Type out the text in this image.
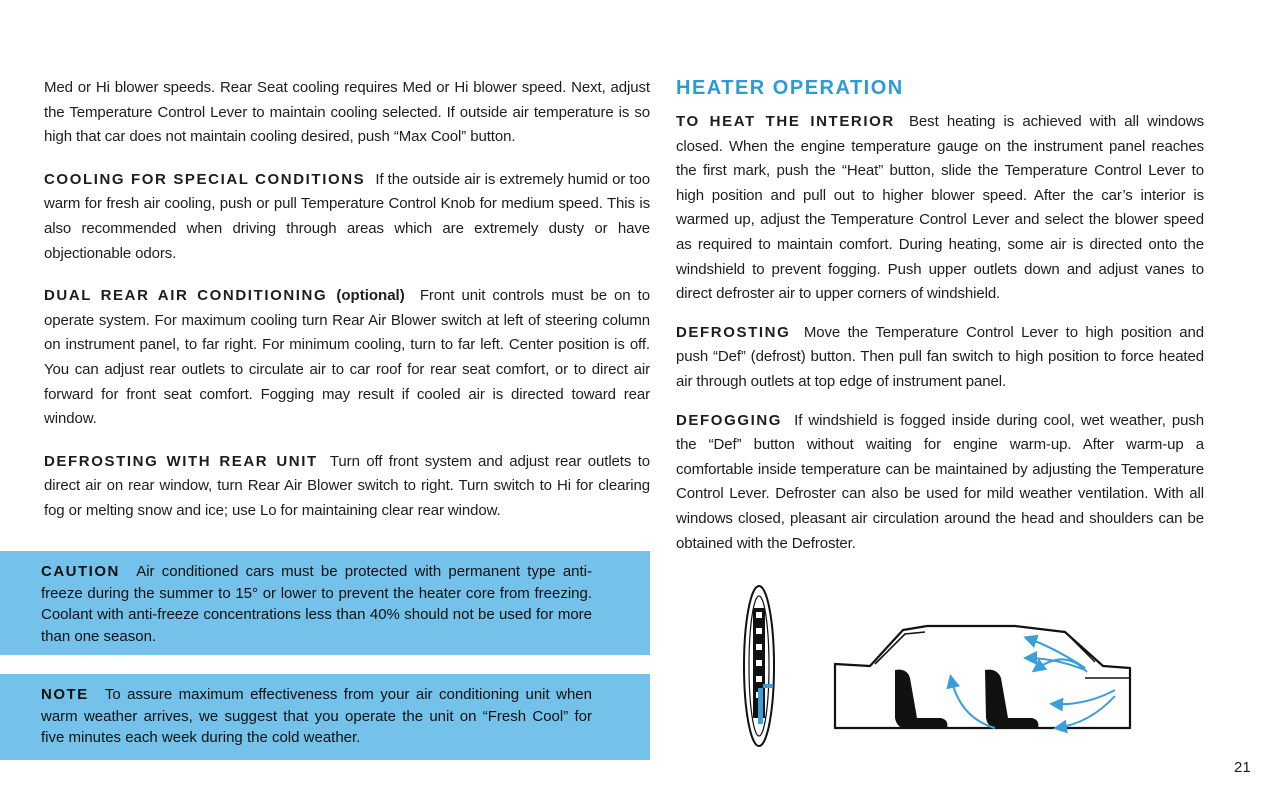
Med or Hi blower speeds. Rear Seat cooling requires Med or Hi blower speed. Next, adjust the Temperature Control Lever to maintain cooling selected. If outside air temperature is so high that car does not maintain cooling desired, push “Max Cool” button.

COOLING FOR SPECIAL CONDITIONS If the outside air is extremely humid or too warm for fresh air cooling, push or pull Temperature Control Knob for medium speed. This is also recommended when driving through areas which are extremely dusty or have objectionable odors.

DUAL REAR AIR CONDITIONING (optional) Front unit controls must be on to operate system. For maximum cooling turn Rear Air Blower switch at left of steering column on instrument panel, to far right. For minimum cooling, turn to far left. Center position is off. You can adjust rear outlets to circulate air to car roof for rear seat comfort, or to direct air forward for front seat comfort. Fogging may result if cooled air is directed toward rear window.

DEFROSTING WITH REAR UNIT Turn off front system and adjust rear outlets to direct air on rear window, turn Rear Air Blower switch to right. Turn switch to Hi for clearing fog or melting snow and ice; use Lo for maintaining clear rear window.

CAUTION Air conditioned cars must be protected with permanent type anti-freeze during the summer to 15° or lower to prevent the heater core from freezing. Coolant with anti-freeze concentrations less than 40% should not be used for more than one season.
NOTE To assure maximum effectiveness from your air conditioning unit when warm weather arrives, we suggest that you operate the unit on “Fresh Cool” for five minutes each week during the cold weather.
HEATER OPERATION

TO HEAT THE INTERIOR Best heating is achieved with all windows closed. When the engine temperature gauge on the instrument panel reaches the first mark, push the “Heat” button, slide the Temperature Control Lever to high position and pull out to higher blower speed. After the car’s interior is warmed up, adjust the Temperature Control Lever and select the blower speed as required to maintain comfort. During heating, some air is directed onto the windshield to prevent fogging. Push upper outlets down and adjust vanes to direct defroster air to upper corners of windshield.

DEFROSTING Move the Temperature Control Lever to high position and push “Def” (defrost) button. Then pull fan switch to high position to force heated air through outlets at top edge of instrument panel.

DEFOGGING If windshield is fogged inside during cool, wet weather, push the “Def” button without waiting for engine warm-up. After warm-up a comfortable inside temperature can be maintained by adjusting the Temperature Control Lever. Defroster can also be used for mild weather ventilation. With all windows closed, pleasant air circulation around the head and shoulders can be obtained with the Defroster.

21
